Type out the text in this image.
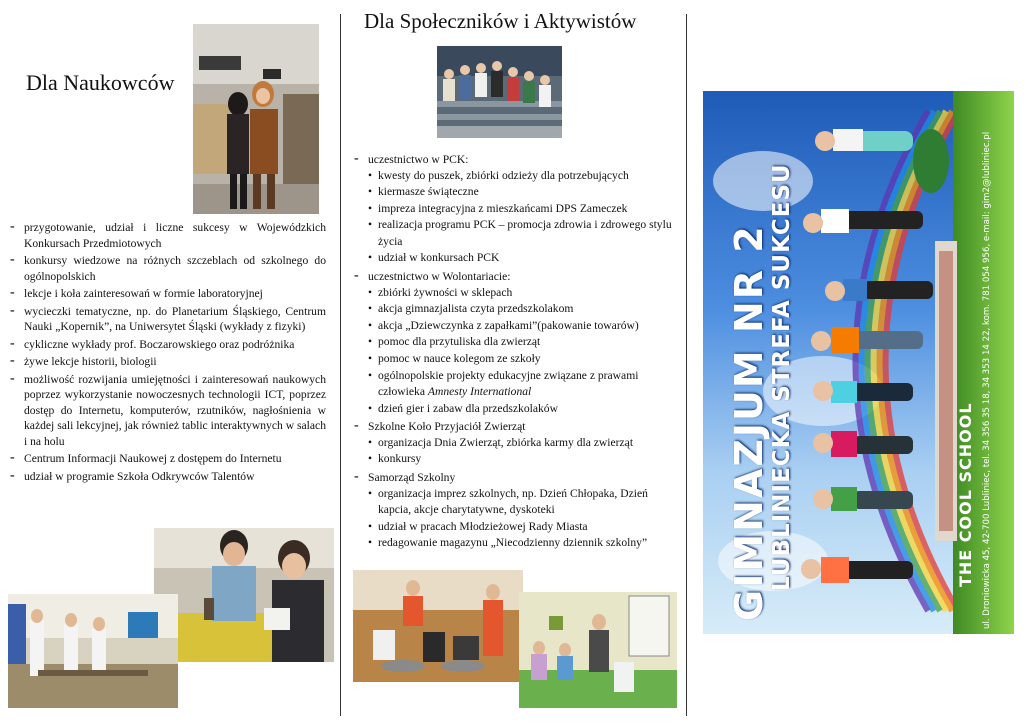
Dla Naukowców
- przygotowanie, udział i liczne sukcesy w Wojewódzkich Konkursach Przedmiotowych
- konkursy wiedzowe na różnych szczeblach od szkolnego do ogólnopolskich
- lekcje i koła zainteresowań w formie laboratoryjnej
- wycieczki tematyczne, np. do Planetarium Śląskiego, Centrum Nauki „Kopernik”, na Uniwersytet Śląski (wykłady z fizyki)
- cykliczne wykłady prof. Boczarowskiego oraz podróżnika
- żywe lekcje historii, biologii
- możliwość rozwijania umiejętności i zainteresowań naukowych poprzez wykorzystanie nowoczesnych technologii ICT, poprzez dostęp do Internetu, komputerów, rzutników, nagłośnienia w każdej sali lekcyjnej, jak również tablic interaktywnych w salach i na holu
- Centrum Informacji Naukowej z dostępem do Internetu
- udział w programie Szkoła Odkrywców Talentów
Dla Społeczników i Aktywistów
- uczestnictwo w PCK:
• kwesty do puszek, zbiórki odzieży dla potrzebujących
• kiermasze świąteczne
• impreza integracyjna z mieszkańcami DPS Zameczek
• realizacja programu PCK – promocja zdrowia i zdrowego stylu życia
• udział w konkursach PCK
- uczestnictwo w Wolontariacie:
• zbiórki żywności w sklepach
• akcja gimnazjalista czyta przedszkolakom
• akcja „Dziewczynka z zapałkami”(pakowanie towarów)
• pomoc dla przytuliska dla zwierząt
• pomoc w nauce kolegom ze szkoły
• ogólnopolskie projekty edukacyjne związane z prawami człowieka Amnesty International
• dzień gier i zabaw dla przedszkolaków
- Szkolne Koło Przyjaciół Zwierząt
• organizacja Dnia Zwierząt, zbiórka karmy dla zwierząt
• konkursy
- Samorząd Szkolny
• organizacja imprez szkolnych, np. Dzień Chłopaka, Dzień kapcia, akcje charytatywne, dyskoteki
• udział w pracach Młodzieżowej Rady Miasta
• redagowanie magazynu „Niecodzienny dziennik szkolny”	GIMNAZJUM NR 2
LUBLINIECKA STREFA SUKCESU	THE COOL SCHOOL ul. Droniowicka 45, 42-700 Lubliniec, tel. 34 356 35 18, 34 353 14 22, kom. 781 054 956, e-mail: gim2@lubliniec.pl
